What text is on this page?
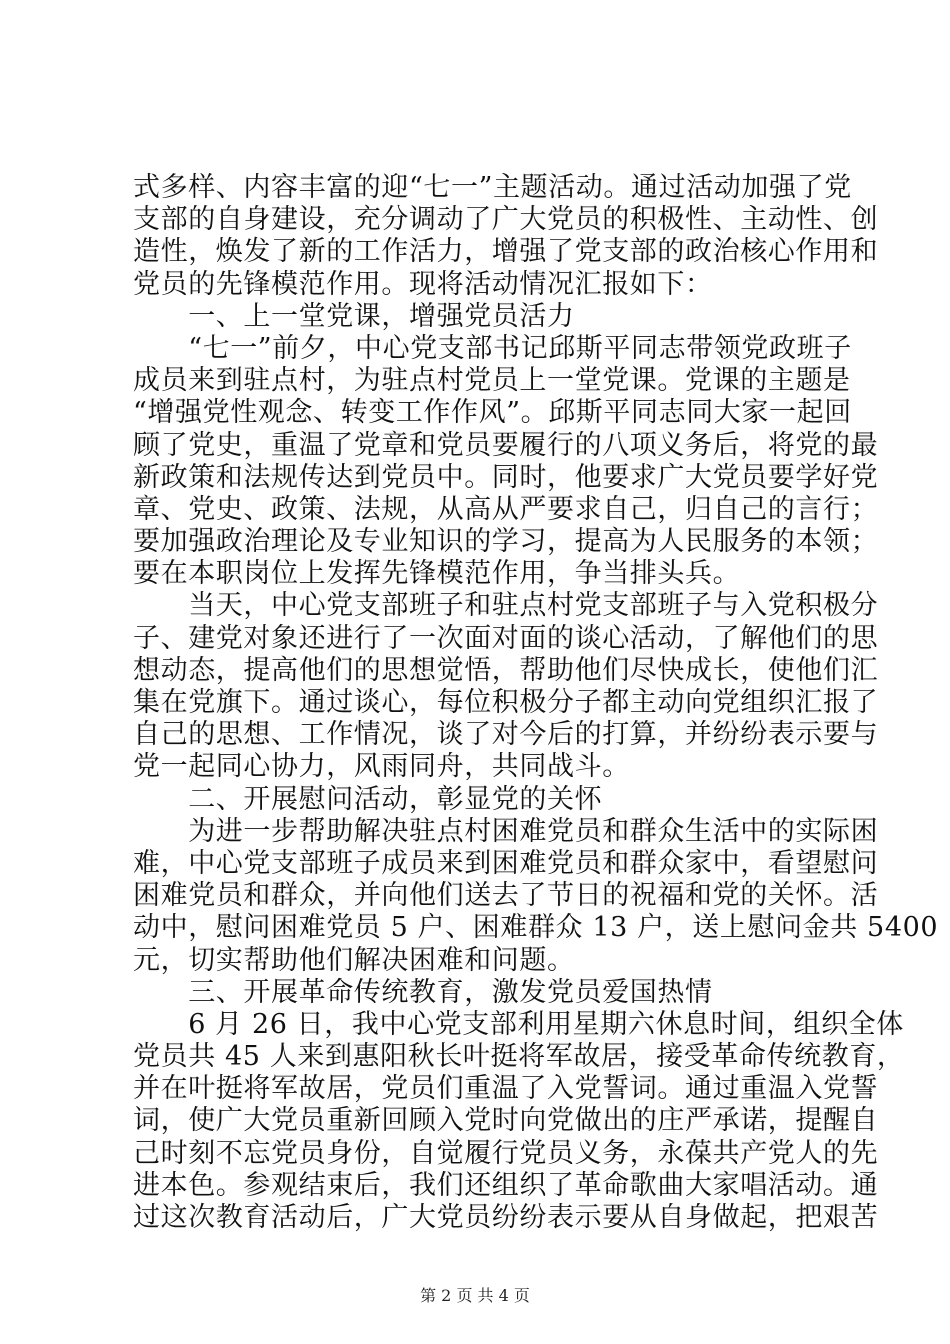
式多样、内容丰富的迎“七一”主题活动。通过活动加强了党
支部的自身建设，充分调动了广大党员的积极性、主动性、创
造性，焕发了新的工作活力，增强了党支部的政治核心作用和
党员的先锋模范作用。现将活动情况汇报如下：
　　一、上一堂党课，增强党员活力
　　“七一”前夕，中心党支部书记邱斯平同志带领党政班子
成员来到驻点村，为驻点村党员上一堂党课。党课的主题是
“增强党性观念、转变工作作风”。邱斯平同志同大家一起回
顾了党史，重温了党章和党员要履行的八项义务后，将党的最
新政策和法规传达到党员中。同时，他要求广大党员要学好党
章、党史、政策、法规，从高从严要求自己，归自己的言行；
要加强政治理论及专业知识的学习，提高为人民服务的本领；
要在本职岗位上发挥先锋模范作用，争当排头兵。
　　当天，中心党支部班子和驻点村党支部班子与入党积极分
子、建党对象还进行了一次面对面的谈心活动，了解他们的思
想动态，提高他们的思想觉悟，帮助他们尽快成长，使他们汇
集在党旗下。通过谈心，每位积极分子都主动向党组织汇报了
自己的思想、工作情况，谈了对今后的打算，并纷纷表示要与
党一起同心协力，风雨同舟，共同战斗。
　　二、开展慰问活动，彰显党的关怀
　　为进一步帮助解决驻点村困难党员和群众生活中的实际困
难，中心党支部班子成员来到困难党员和群众家中，看望慰问
困难党员和群众，并向他们送去了节日的祝福和党的关怀。活
动中，慰问困难党员 5 户、困难群众 13 户，送上慰问金共 5400
元，切实帮助他们解决困难和问题。
　　三、开展革命传统教育，激发党员爱国热情
　　6 月 26 日，我中心党支部利用星期六休息时间，组织全体
党员共 45 人来到惠阳秋长叶挺将军故居，接受革命传统教育，
并在叶挺将军故居，党员们重温了入党誓词。通过重温入党誓
词，使广大党员重新回顾入党时向党做出的庄严承诺，提醒自
己时刻不忘党员身份，自觉履行党员义务，永葆共产党人的先
进本色。参观结束后，我们还组织了革命歌曲大家唱活动。通
过这次教育活动后，广大党员纷纷表示要从自身做起，把艰苦
第 2 页 共 4 页
